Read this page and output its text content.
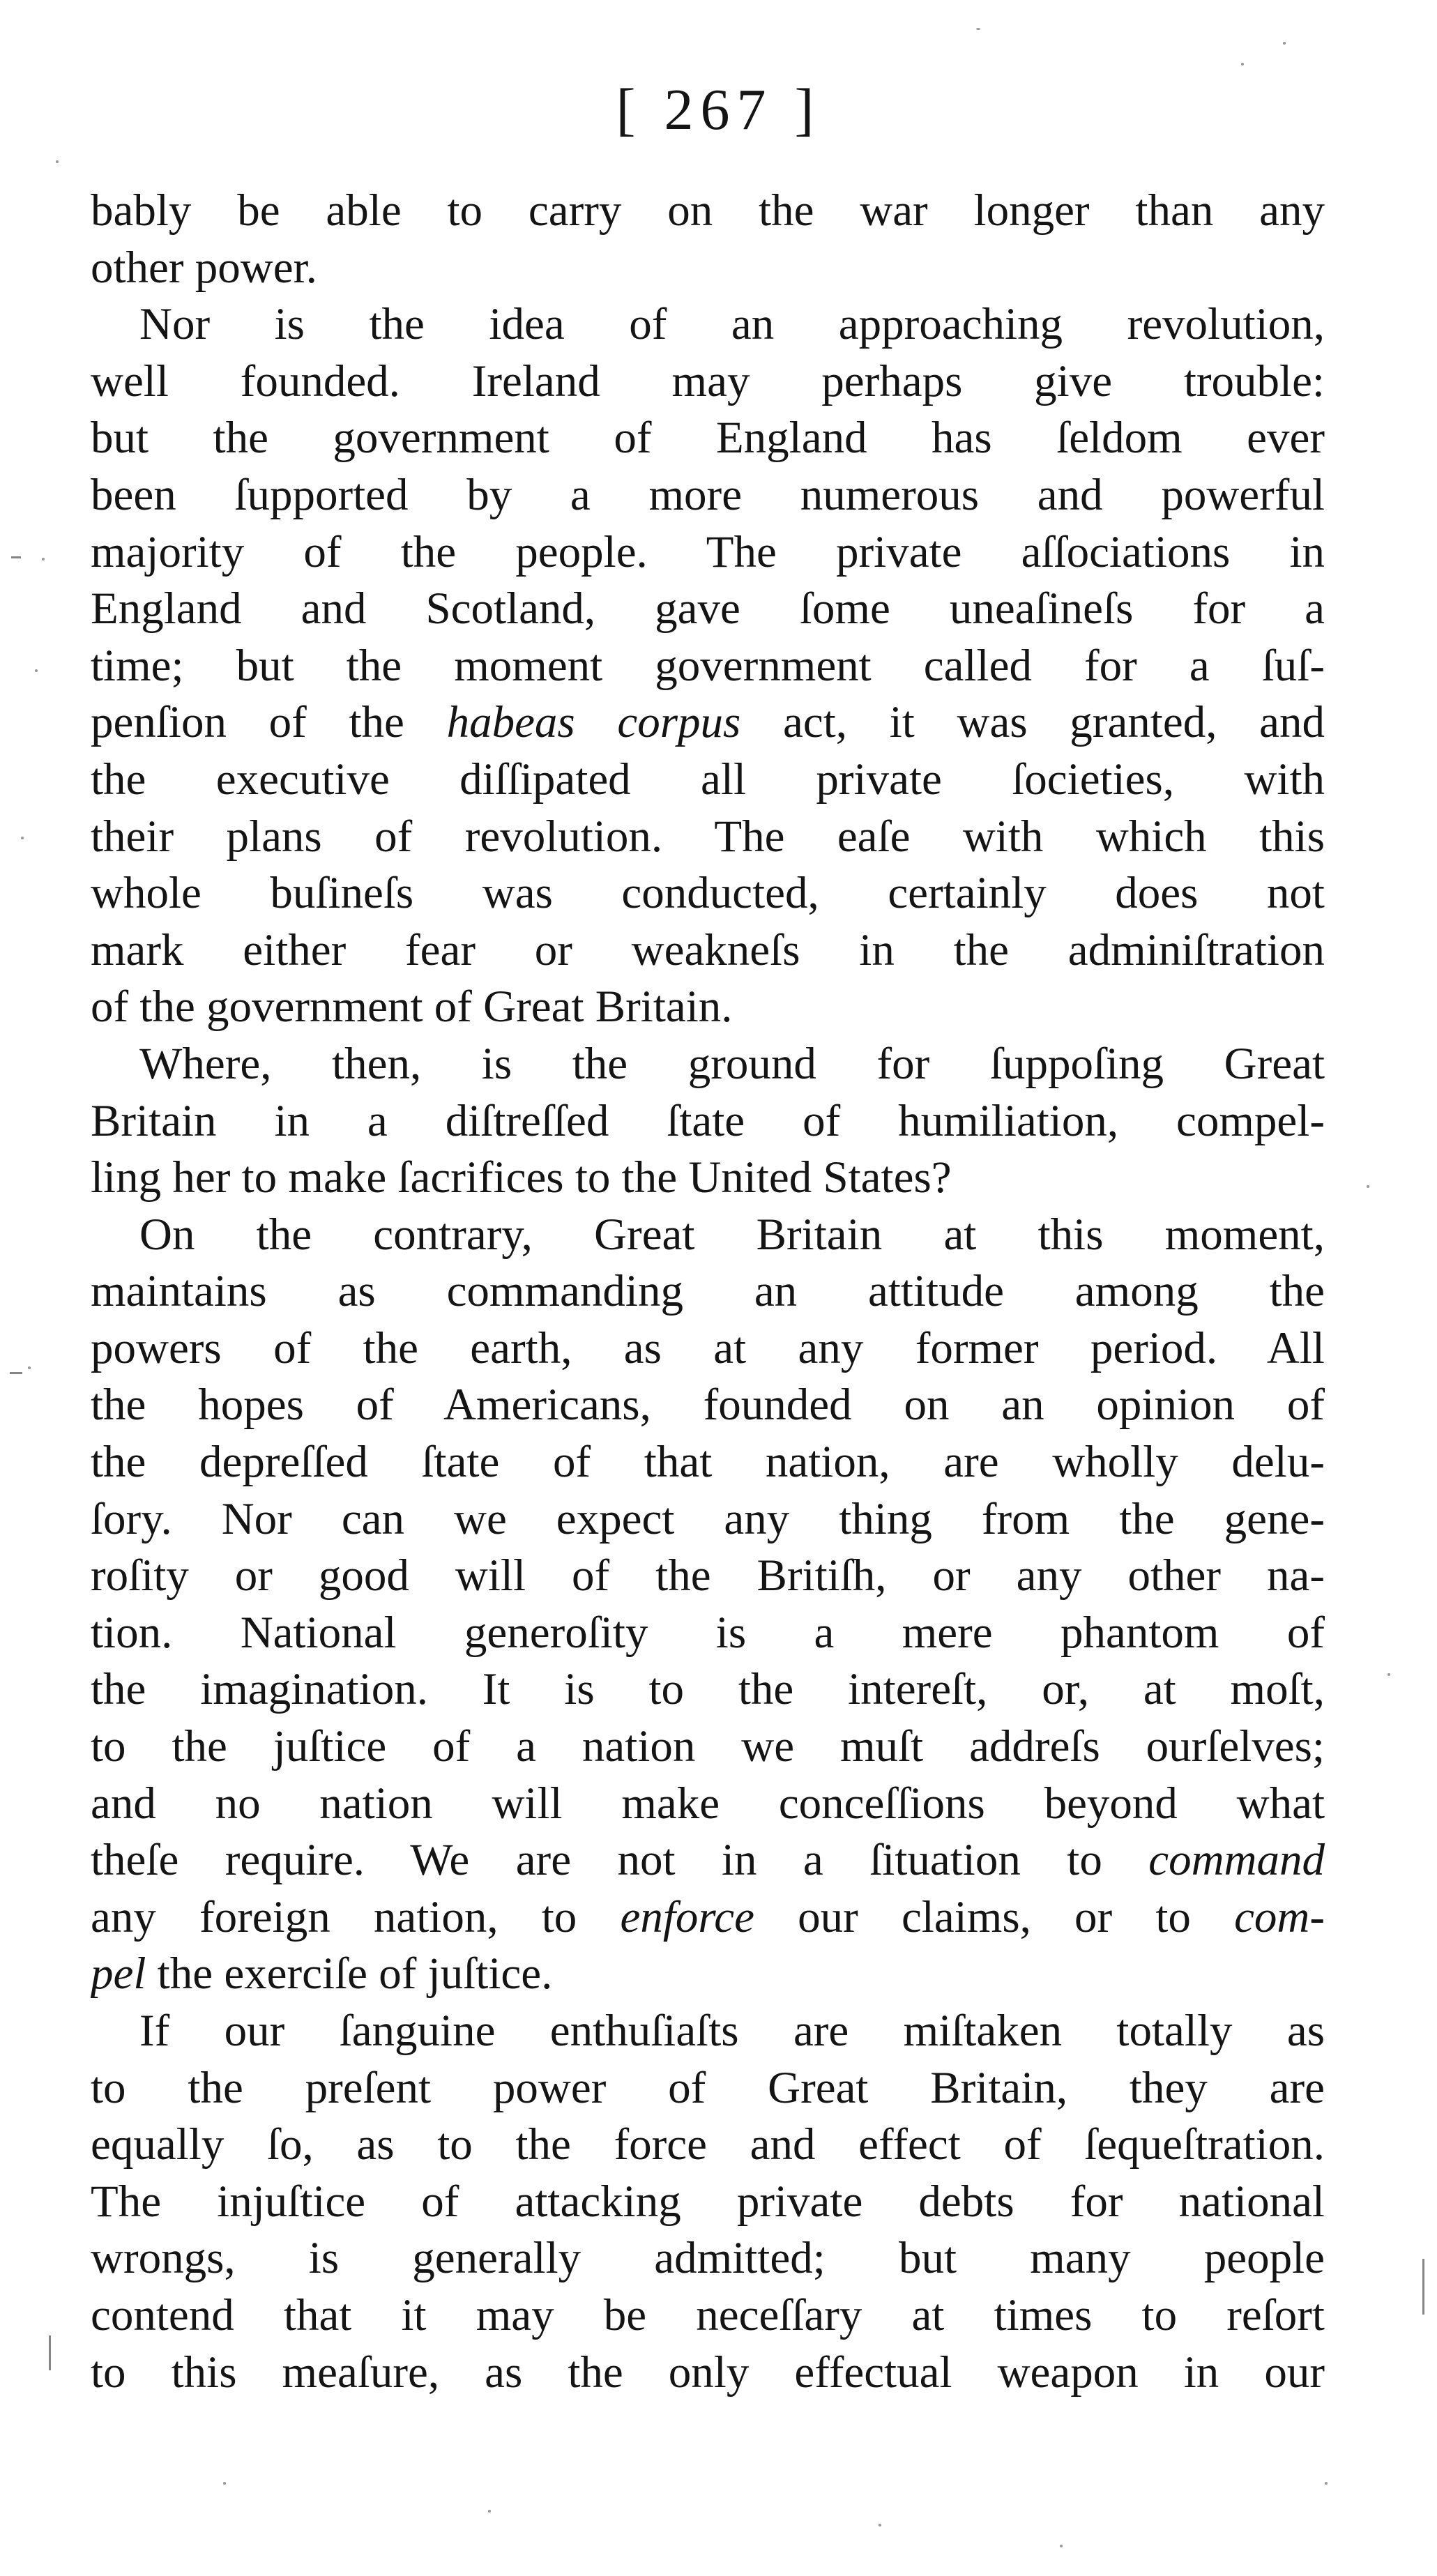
[ 267 ]
bably be able to carry on the war longer than any
other power.
Nor is the idea of an approaching revolution,
well founded. Ireland may perhaps give trouble:
but the government of England has ſeldom ever
been ſupported by a more numerous and powerful
majority of the people. The private aſſociations in
England and Scotland, gave ſome uneaſineſs for a
time; but the moment government called for a ſuſ-
penſion of the habeas corpus act, it was granted, and
the executive diſſipated all private ſocieties, with
their plans of revolution. The eaſe with which this
whole buſineſs was conducted, certainly does not
mark either fear or weakneſs in the adminiſtration
of the government of Great Britain.
Where, then, is the ground for ſuppoſing Great
Britain in a diſtreſſed ſtate of humiliation, compel-
ling her to make ſacrifices to the United States?
On the contrary, Great Britain at this moment,
maintains as commanding an attitude among the
powers of the earth, as at any former period. All
the hopes of Americans, founded on an opinion of
the depreſſed ſtate of that nation, are wholly delu-
ſory. Nor can we expect any thing from the gene-
roſity or good will of the Britiſh, or any other na-
tion. National generoſity is a mere phantom of
the imagination. It is to the intereſt, or, at moſt,
to the juſtice of a nation we muſt addreſs ourſelves;
and no nation will make conceſſions beyond what
theſe require. We are not in a ſituation to command
any foreign nation, to enforce our claims, or to com-
pel the exerciſe of juſtice.
If our ſanguine enthuſiaſts are miſtaken totally as
to the preſent power of Great Britain, they are
equally ſo, as to the force and effect of ſequeſtration.
The injuſtice of attacking private debts for national
wrongs, is generally admitted; but many people
contend that it may be neceſſary at times to reſort
to this meaſure, as the only effectual weapon in our
